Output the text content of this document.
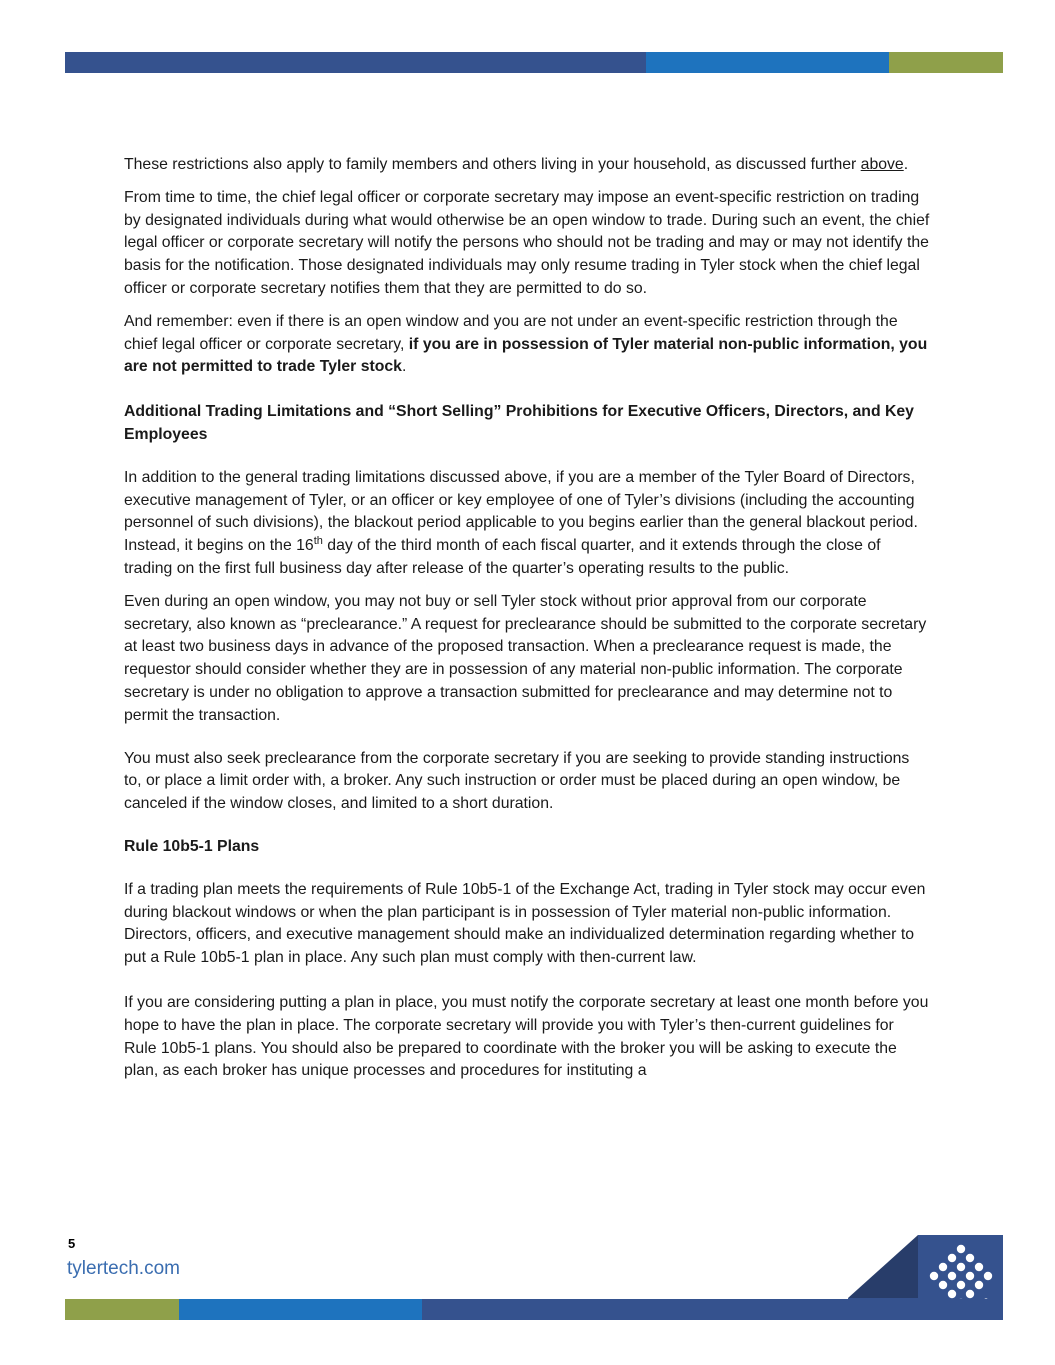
These restrictions also apply to family members and others living in your household, as discussed further above.

From time to time, the chief legal officer or corporate secretary may impose an event-specific restriction on trading by designated individuals during what would otherwise be an open window to trade. During such an event, the chief legal officer or corporate secretary will notify the persons who should not be trading and may or may not identify the basis for the notification. Those designated individuals may only resume trading in Tyler stock when the chief legal officer or corporate secretary notifies them that they are permitted to do so.

And remember: even if there is an open window and you are not under an event-specific restriction through the chief legal officer or corporate secretary, if you are in possession of Tyler material non-public information, you are not permitted to trade Tyler stock.

Additional Trading Limitations and “Short Selling” Prohibitions for Executive Officers, Directors, and Key Employees

In addition to the general trading limitations discussed above, if you are a member of the Tyler Board of Directors, executive management of Tyler, or an officer or key employee of one of Tyler’s divisions (including the accounting personnel of such divisions), the blackout period applicable to you begins earlier than the general blackout period. Instead, it begins on the 16th day of the third month of each fiscal quarter, and it extends through the close of trading on the first full business day after release of the quarter’s operating results to the public.

Even during an open window, you may not buy or sell Tyler stock without prior approval from our corporate secretary, also known as “preclearance.” A request for preclearance should be submitted to the corporate secretary at least two business days in advance of the proposed transaction. When a preclearance request is made, the requestor should consider whether they are in possession of any material non-public information. The corporate secretary is under no obligation to approve a transaction submitted for preclearance and may determine not to permit the transaction.

You must also seek preclearance from the corporate secretary if you are seeking to provide standing instructions to, or place a limit order with, a broker. Any such instruction or order must be placed during an open window, be canceled if the window closes, and limited to a short duration.

Rule 10b5-1 Plans

If a trading plan meets the requirements of Rule 10b5-1 of the Exchange Act, trading in Tyler stock may occur even during blackout windows or when the plan participant is in possession of Tyler material non-public information. Directors, officers, and executive management should make an individualized determination regarding whether to put a Rule 10b5-1 plan in place. Any such plan must comply with then-current law.

If you are considering putting a plan in place, you must notify the corporate secretary at least one month before you hope to have the plan in place. The corporate secretary will provide you with Tyler’s then-current guidelines for Rule 10b5-1 plans. You should also be prepared to coordinate with the broker you will be asking to execute the plan, as each broker has unique processes and procedures for instituting a

5
tylertech.com
